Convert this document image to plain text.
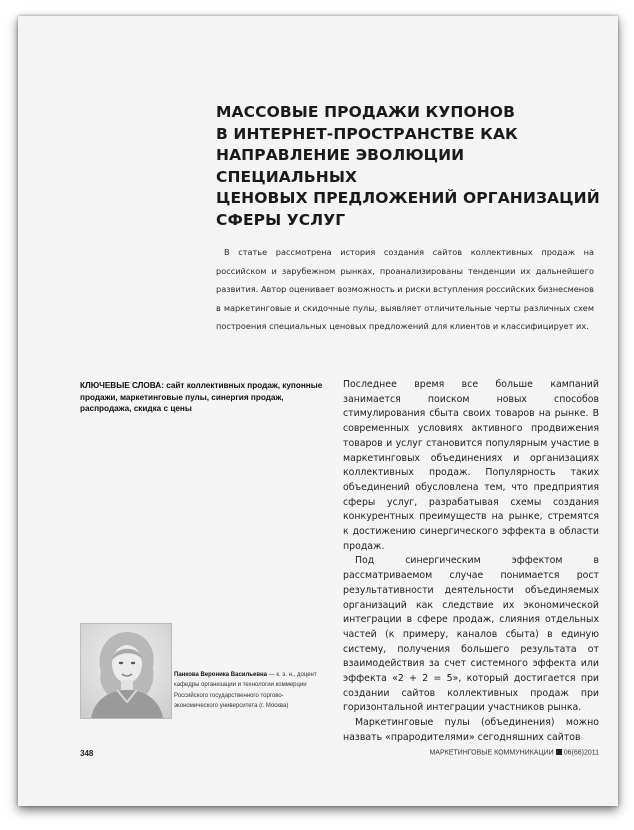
МАССОВЫЕ ПРОДАЖИ КУПОНОВ
В ИНТЕРНЕТ-ПРОСТРАНСТВЕ КАК
НАПРАВЛЕНИЕ ЭВОЛЮЦИИ СПЕЦИАЛЬНЫХ
ЦЕНОВЫХ ПРЕДЛОЖЕНИЙ ОРГАНИЗАЦИЙ
СФЕРЫ УСЛУГ

В статье рассмотрена история создания сайтов коллективных продаж на российском и зарубежном рынках, проанализированы тенденции их дальнейшего развития. Автор оценивает возможность и риски вступления российских бизнесменов в маркетинговые и скидочные пулы, выявляет отличительные черты различных схем построения специальных ценовых предложений для клиентов и классифицирует их.

КЛЮЧЕВЫЕ СЛОВА: сайт коллективных продаж, купонные продажи, маркетинговые пулы, синергия продаж, распродажа, скидка с цены

Панкова Вероника Васильевна — к. э. н., доцент кафедры организации и технологии коммерции Российского государственного торгово-экономического университета (г. Москва)

Последнее время все больше кампаний занимается поиском новых способов стимулирования сбыта своих товаров на рынке. В современных условиях активного продвижения товаров и услуг становится популярным участие в маркетинговых объединениях и организациях коллективных продаж. Популярность таких объединений обусловлена тем, что предприятия сферы услуг, разрабатывая схемы создания конкурентных преимуществ на рынке, стремятся к достижению синергического эффекта в области продаж.

Под синергическим эффектом в рассматриваемом случае понимается рост результативности деятельности объединяемых организаций как следствие их экономической интеграции в сфере продаж, слияния отдельных частей (к примеру, каналов сбыта) в единую систему, получения большего результата от взаимодействия за счет системного эффекта или эффекта «2 + 2 = 5», который достигается при создании сайтов коллективных продаж при горизонтальной интеграции участников рынка.

Маркетинговые пулы (объединения) можно назвать «прародителями» сегодняшних сайтов

348	МАРКЕТИНГОВЫЕ КОММУНИКАЦИИ 06(66)2011
